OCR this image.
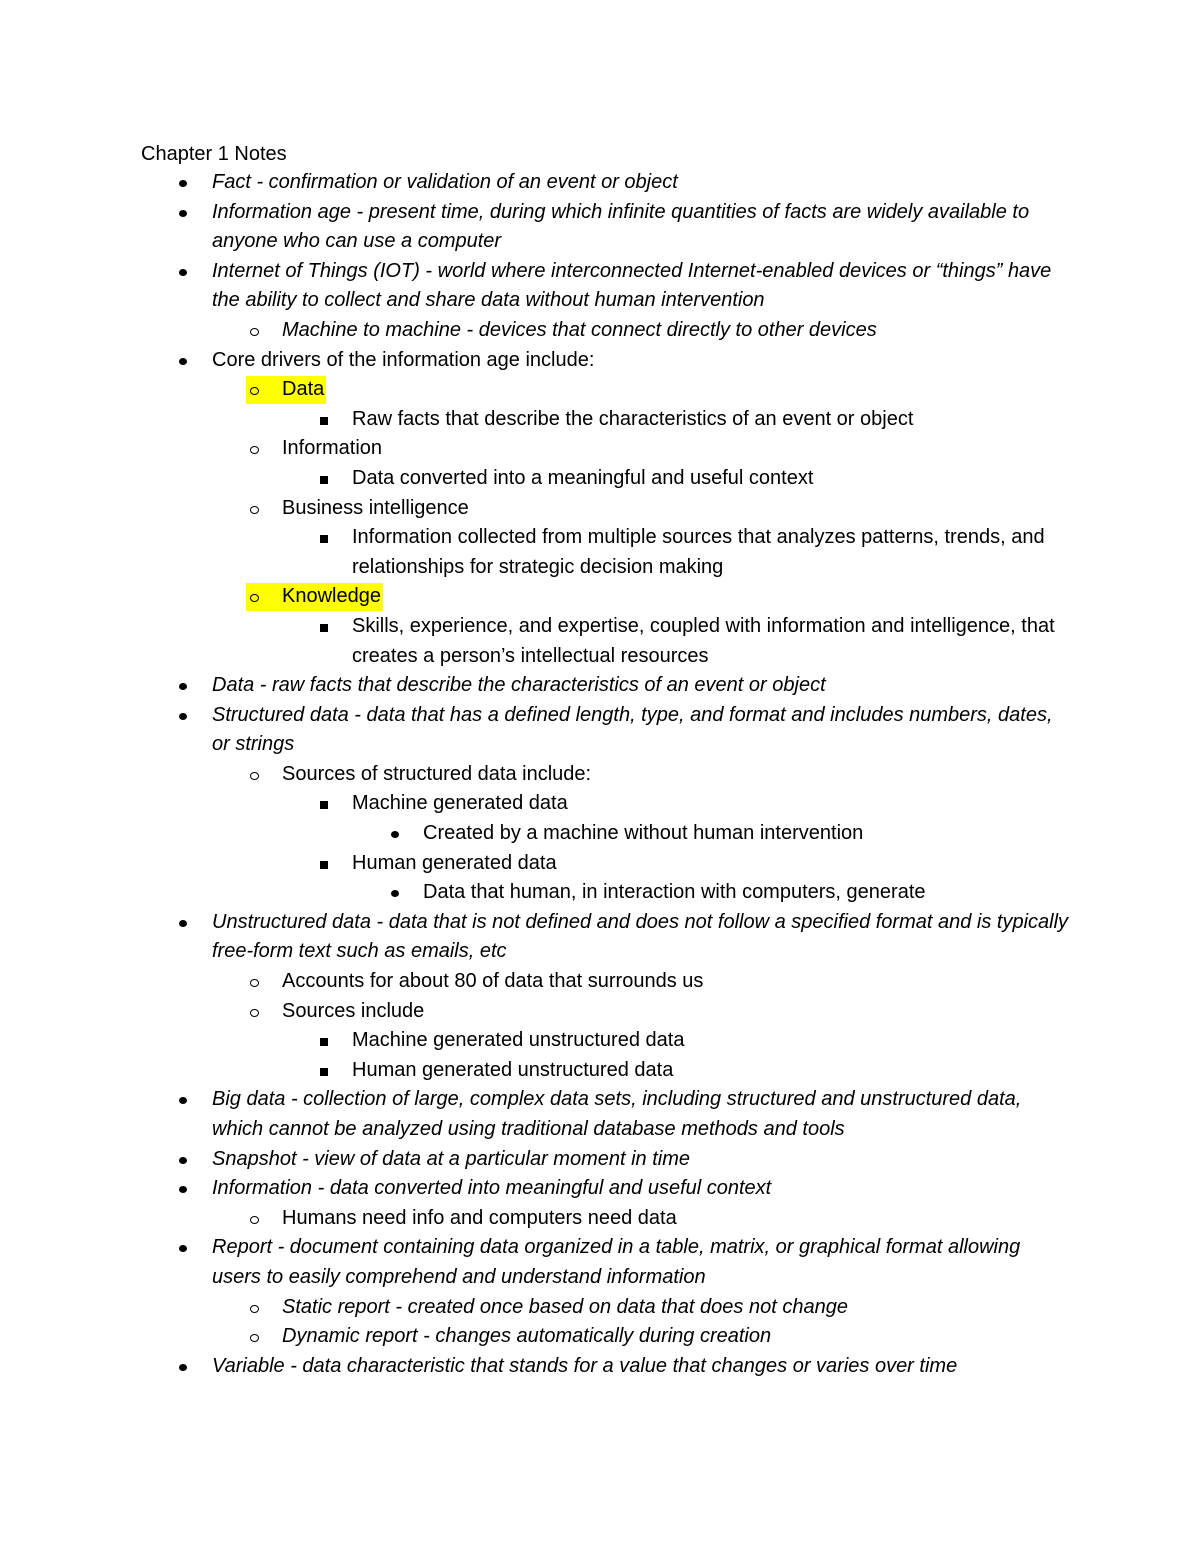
Chapter 1 Notes
Fact - confirmation or validation of an event or object
Information age - present time, during which infinite quantities of facts are widely available to anyone who can use a computer
Internet of Things (IOT) - world where interconnected Internet-enabled devices or “things” have the ability to collect and share data without human intervention
Machine to machine - devices that connect directly to other devices
Core drivers of the information age include:
Data
Raw facts that describe the characteristics of an event or object
Information
Data converted into a meaningful and useful context
Business intelligence
Information collected from multiple sources that analyzes patterns, trends, and relationships for strategic decision making
Knowledge
Skills, experience, and expertise, coupled with information and intelligence, that creates a person’s intellectual resources
Data - raw facts that describe the characteristics of an event or object
Structured data - data that has a defined length, type, and format and includes numbers, dates, or strings
Sources of structured data include:
Machine generated data
Created by a machine without human intervention
Human generated data
Data that human, in interaction with computers, generate
Unstructured data - data that is not defined and does not follow a specified format and is typically free-form text such as emails, etc
Accounts for about 80 of data that surrounds us
Sources include
Machine generated unstructured data
Human generated unstructured data
Big data - collection of large, complex data sets, including structured and unstructured data, which cannot be analyzed using traditional database methods and tools
Snapshot - view of data at a particular moment in time
Information - data converted into meaningful and useful context
Humans need info and computers need data
Report - document containing data organized in a table, matrix, or graphical format allowing users to easily comprehend and understand information
Static report - created once based on data that does not change
Dynamic report - changes automatically during creation
Variable - data characteristic that stands for a value that changes or varies over time
